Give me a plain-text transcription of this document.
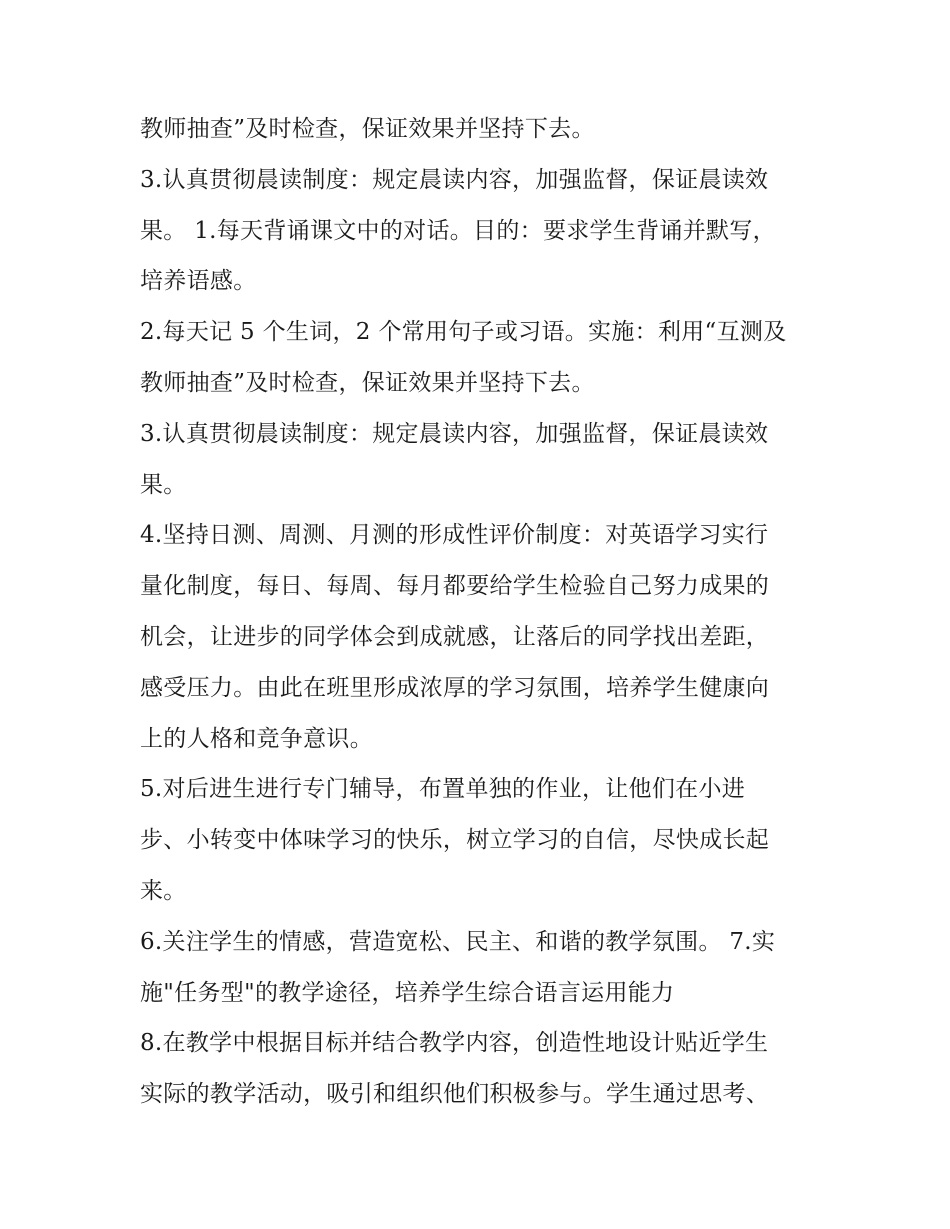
教师抽查”及时检查，保证效果并坚持下去。
3.认真贯彻晨读制度：规定晨读内容，加强监督，保证晨读效
果。 1.每天背诵课文中的对话。目的：要求学生背诵并默写，
培养语感。
2.每天记 5 个生词，2 个常用句子或习语。实施：利用“互测及
教师抽查”及时检查，保证效果并坚持下去。
3.认真贯彻晨读制度：规定晨读内容，加强监督，保证晨读效
果。
4.坚持日测、周测、月测的形成性评价制度：对英语学习实行
量化制度，每日、每周、每月都要给学生检验自己努力成果的
机会，让进步的同学体会到成就感，让落后的同学找出差距，
感受压力。由此在班里形成浓厚的学习氛围，培养学生健康向
上的人格和竞争意识。
5.对后进生进行专门辅导，布置单独的作业，让他们在小进
步、小转变中体味学习的快乐，树立学习的自信，尽快成长起
来。
6.关注学生的情感，营造宽松、民主、和谐的教学氛围。 7.实
施"任务型"的教学途径，培养学生综合语言运用能力
8.在教学中根据目标并结合教学内容，创造性地设计贴近学生
实际的教学活动，吸引和组织他们积极参与。学生通过思考、
